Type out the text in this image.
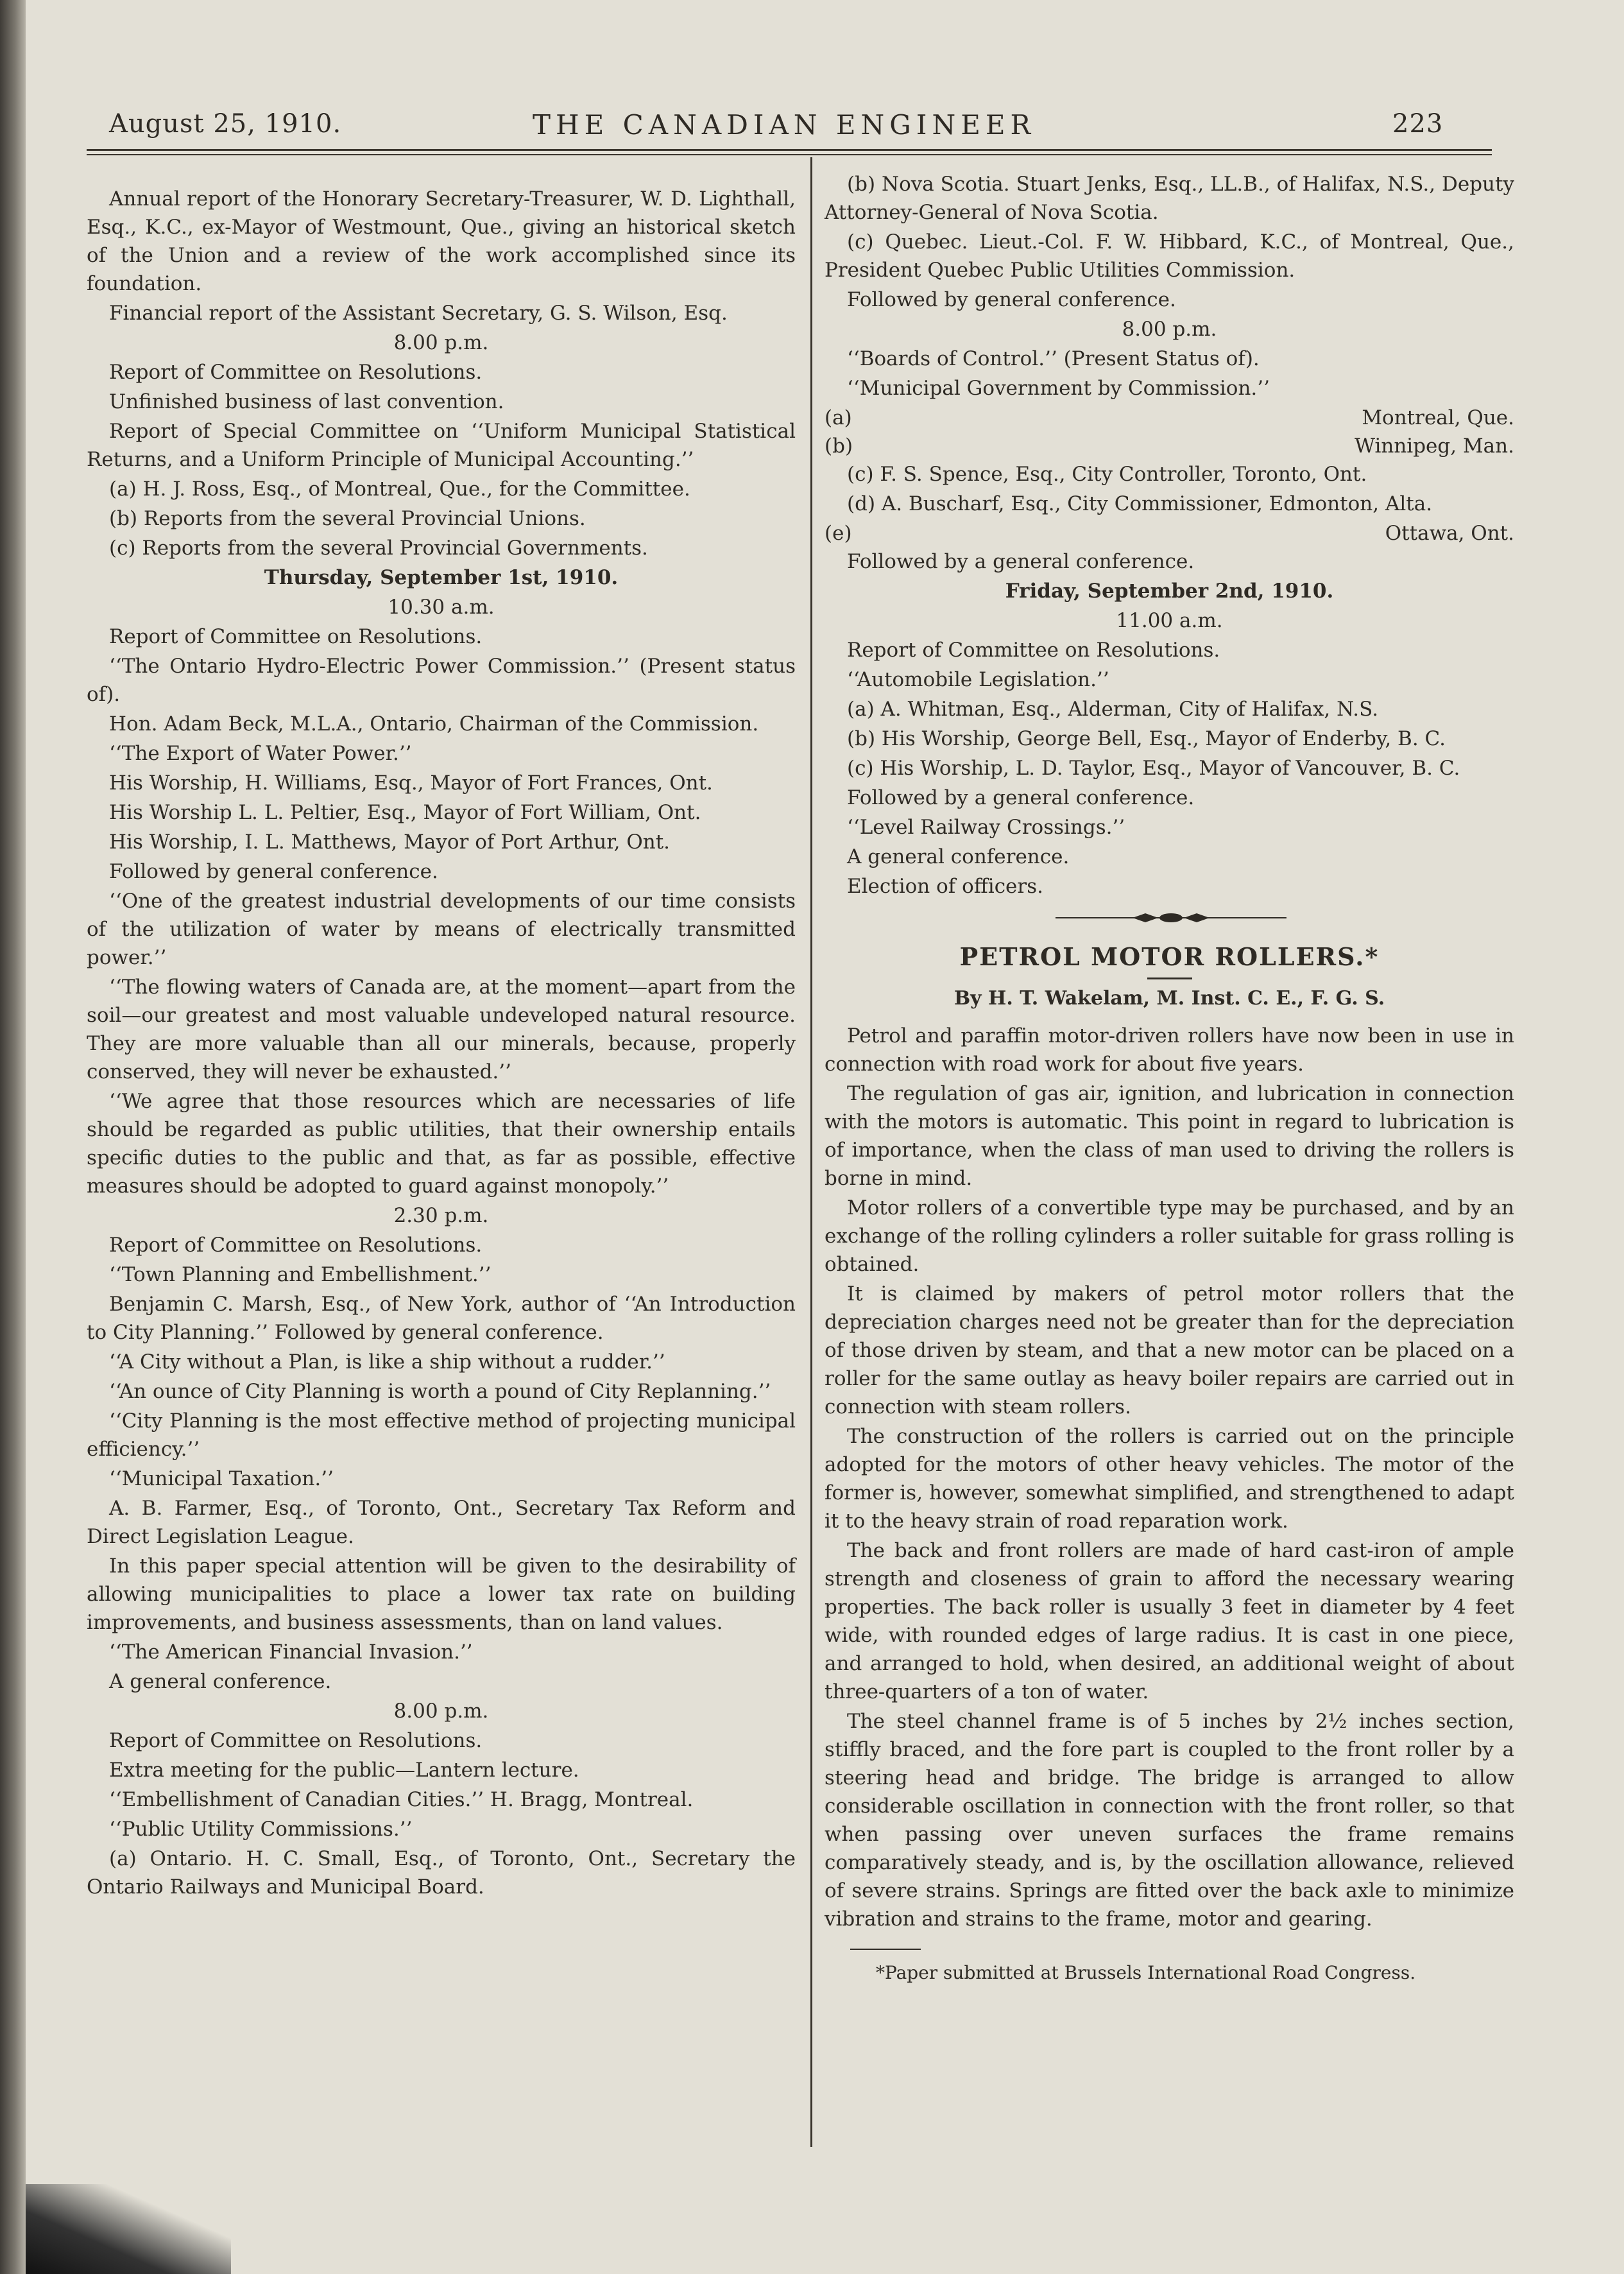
August 25, 1910.	THE CANADIAN ENGINEER	223

Annual report of the Honorary Secretary-Treasurer, W. D. Lighthall, Esq., K.C., ex-Mayor of Westmount, Que., giving an historical sketch of the Union and a review of the work accomplished since its foundation.

Financial report of the Assistant Secretary, G. S. Wilson, Esq.

8.00 p.m.

Report of Committee on Resolutions.

Unfinished business of last convention.

Report of Special Committee on ‘‘Uniform Municipal Statistical Returns, and a Uniform Principle of Municipal Accounting.’’

(a) H. J. Ross, Esq., of Montreal, Que., for the Committee.

(b) Reports from the several Provincial Unions.

(c) Reports from the several Provincial Governments.

Thursday, September 1st, 1910.

10.30 a.m.

Report of Committee on Resolutions.

‘‘The Ontario Hydro-Electric Power Commission.’’ (Present status of).

Hon. Adam Beck, M.L.A., Ontario, Chairman of the Commission.

‘‘The Export of Water Power.’’

His Worship, H. Williams, Esq., Mayor of Fort Frances, Ont.

His Worship L. L. Peltier, Esq., Mayor of Fort William, Ont.

His Worship, I. L. Matthews, Mayor of Port Arthur, Ont.

Followed by general conference.

‘‘One of the greatest industrial developments of our time consists of the utilization of water by means of electrically transmitted power.’’

‘‘The flowing waters of Canada are, at the moment—apart from the soil—our greatest and most valuable undeveloped natural resource. They are more valuable than all our minerals, because, properly conserved, they will never be exhausted.’’

‘‘We agree that those resources which are necessaries of life should be regarded as public utilities, that their ownership entails specific duties to the public and that, as far as possible, effective measures should be adopted to guard against monopoly.’’

2.30 p.m.

Report of Committee on Resolutions.

‘‘Town Planning and Embellishment.’’

Benjamin C. Marsh, Esq., of New York, author of ‘‘An Introduction to City Planning.’’ Followed by general conference.

‘‘A City without a Plan, is like a ship without a rudder.’’

‘‘An ounce of City Planning is worth a pound of City Replanning.’’

‘‘City Planning is the most effective method of projecting municipal efficiency.’’

‘‘Municipal Taxation.’’

A. B. Farmer, Esq., of Toronto, Ont., Secretary Tax Reform and Direct Legislation League.

In this paper special attention will be given to the desirability of allowing municipalities to place a lower tax rate on building improvements, and business assessments, than on land values.

‘‘The American Financial Invasion.’’

A general conference.

8.00 p.m.

Report of Committee on Resolutions.

Extra meeting for the public—Lantern lecture.

‘‘Embellishment of Canadian Cities.’’ H. Bragg, Montreal.

‘‘Public Utility Commissions.’’

(a) Ontario. H. C. Small, Esq., of Toronto, Ont., Secretary the Ontario Railways and Municipal Board.

(b) Nova Scotia. Stuart Jenks, Esq., LL.B., of Halifax, N.S., Deputy Attorney-General of Nova Scotia.

(c) Quebec. Lieut.-Col. F. W. Hibbard, K.C., of Montreal, Que., President Quebec Public Utilities Commission.

Followed by general conference.

8.00 p.m.

‘‘Boards of Control.’’ (Present Status of).

‘‘Municipal Government by Commission.’’

(a)	Montreal, Que.
(b)	Winnipeg, Man.

(c) F. S. Spence, Esq., City Controller, Toronto, Ont.

(d) A. Buscharf, Esq., City Commissioner, Edmonton, Alta.

(e)	Ottawa, Ont.

Followed by a general conference.

Friday, September 2nd, 1910.

11.00 a.m.

Report of Committee on Resolutions.

‘‘Automobile Legislation.’’

(a) A. Whitman, Esq., Alderman, City of Halifax, N.S.

(b) His Worship, George Bell, Esq., Mayor of Enderby, B. C.

(c) His Worship, L. D. Taylor, Esq., Mayor of Vancouver, B. C.

Followed by a general conference.

‘‘Level Railway Crossings.’’

A general conference.

Election of officers.

PETROL MOTOR ROLLERS.*
By H. T. Wakelam, M. Inst. C. E., F. G. S.

Petrol and paraffin motor-driven rollers have now been in use in connection with road work for about five years.

The regulation of gas air, ignition, and lubrication in connection with the motors is automatic. This point in regard to lubrication is of importance, when the class of man used to driving the rollers is borne in mind.

Motor rollers of a convertible type may be purchased, and by an exchange of the rolling cylinders a roller suitable for grass rolling is obtained.

It is claimed by makers of petrol motor rollers that the depreciation charges need not be greater than for the depreciation of those driven by steam, and that a new motor can be placed on a roller for the same outlay as heavy boiler repairs are carried out in connection with steam rollers.

The construction of the rollers is carried out on the principle adopted for the motors of other heavy vehicles. The motor of the former is, however, somewhat simplified, and strengthened to adapt it to the heavy strain of road reparation work.

The back and front rollers are made of hard cast-iron of ample strength and closeness of grain to afford the necessary wearing properties. The back roller is usually 3 feet in diameter by 4 feet wide, with rounded edges of large radius. It is cast in one piece, and arranged to hold, when desired, an additional weight of about three-quarters of a ton of water.

The steel channel frame is of 5 inches by 2½ inches section, stiffly braced, and the fore part is coupled to the front roller by a steering head and bridge. The bridge is arranged to allow considerable oscillation in connection with the front roller, so that when passing over uneven surfaces the frame remains comparatively steady, and is, by the oscillation allowance, relieved of severe strains. Springs are fitted over the back axle to minimize vibration and strains to the frame, motor and gearing.

*Paper submitted at Brussels International Road Congress.
